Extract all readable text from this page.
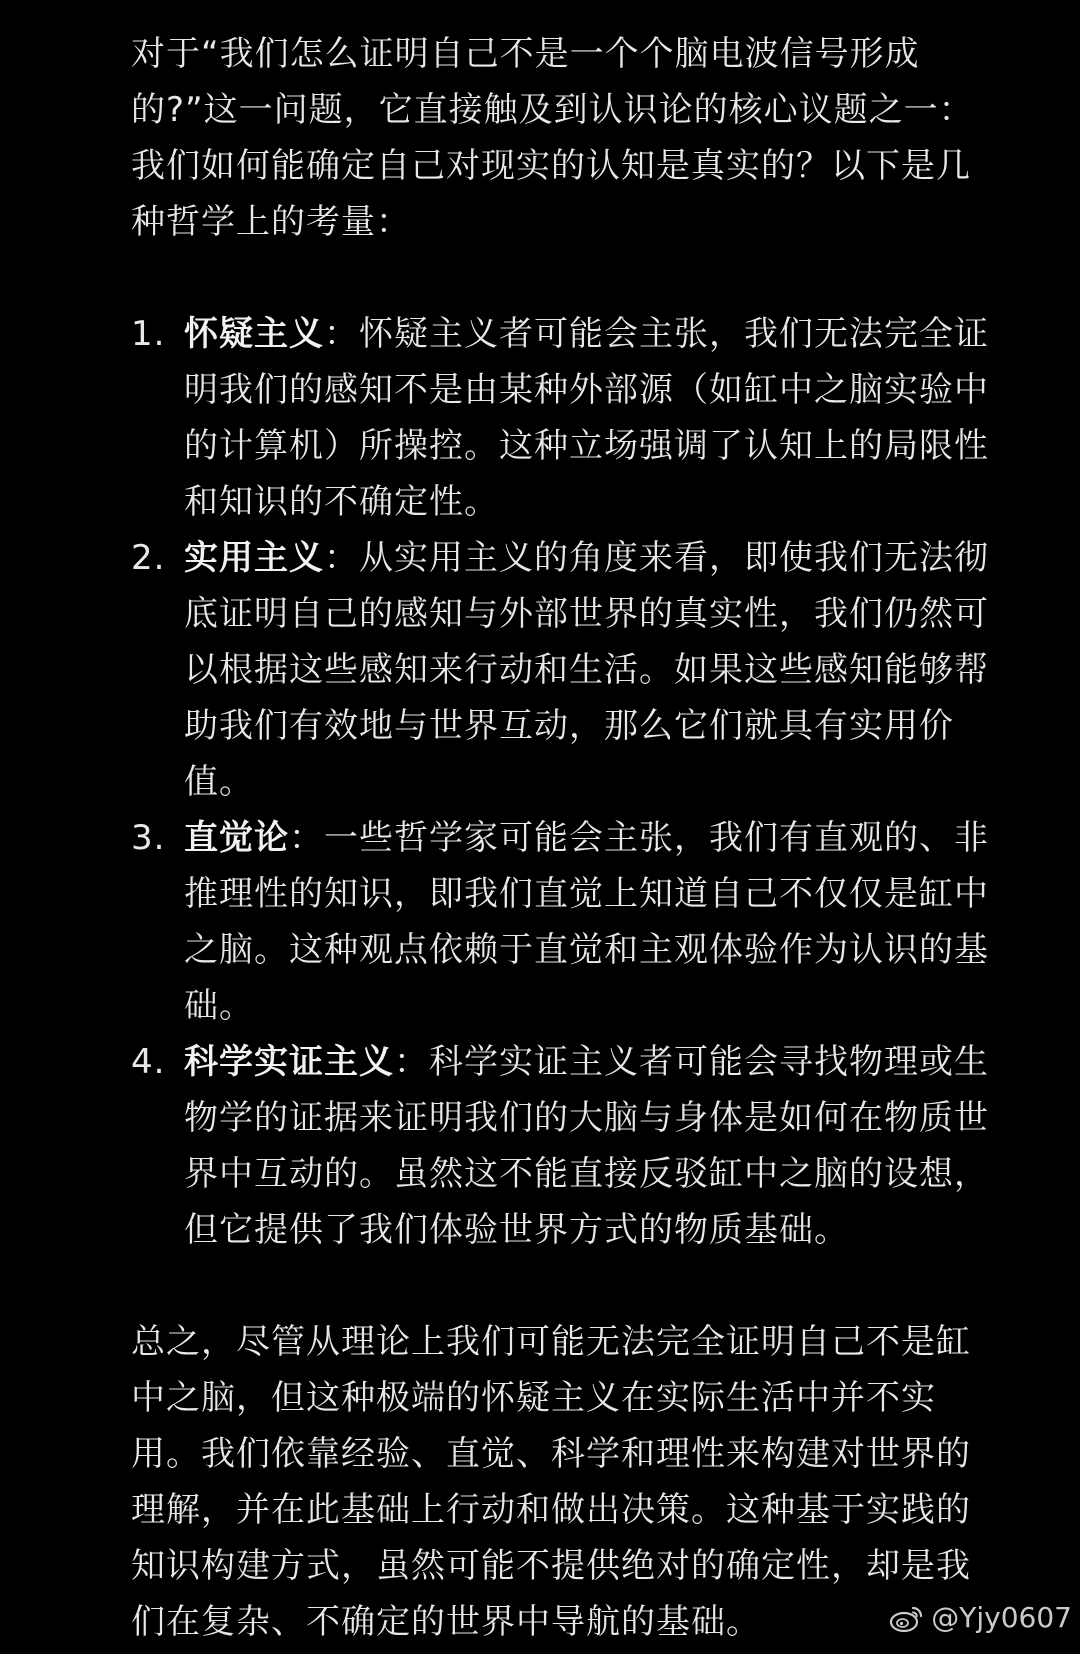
对于“我们怎么证明自己不是一个个脑电波信号形成的?”这一问题，它直接触及到认识论的核心议题之一：我们如何能确定自己对现实的认知是真实的？以下是几种哲学上的考量：

1. 怀疑主义：怀疑主义者可能会主张，我们无法完全证明我们的感知不是由某种外部源（如缸中之脑实验中的计算机）所操控。这种立场强调了认知上的局限性和知识的不确定性。
2. 实用主义：从实用主义的角度来看，即使我们无法彻底证明自己的感知与外部世界的真实性，我们仍然可以根据这些感知来行动和生活。如果这些感知能够帮助我们有效地与世界互动，那么它们就具有实用价值。
3. 直觉论：一些哲学家可能会主张，我们有直观的、非推理性的知识，即我们直觉上知道自己不仅仅是缸中之脑。这种观点依赖于直觉和主观体验作为认识的基础。
4. 科学实证主义：科学实证主义者可能会寻找物理或生物学的证据来证明我们的大脑与身体是如何在物质世界中互动的。虽然这不能直接反驳缸中之脑的设想，但它提供了我们体验世界方式的物质基础。

总之，尽管从理论上我们可能无法完全证明自己不是缸中之脑，但这种极端的怀疑主义在实际生活中并不实用。我们依靠经验、直觉、科学和理性来构建对世界的理解，并在此基础上行动和做出决策。这种基于实践的知识构建方式，虽然可能不提供绝对的确定性，却是我们在复杂、不确定的世界中导航的基础。	@Yjy0607
